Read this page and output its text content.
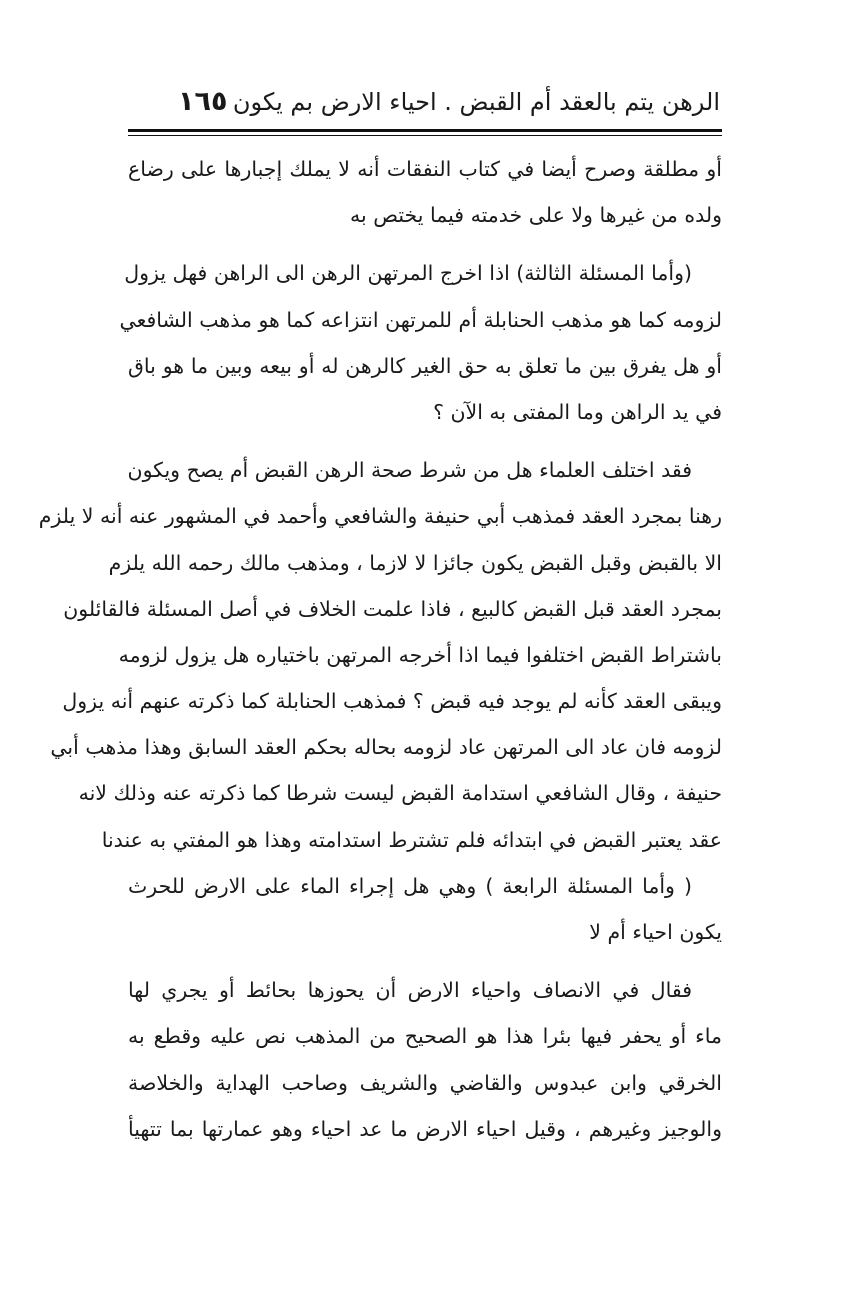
الرهن يتم بالعقد أم القبض . احياء الارض بم يكون
١٦٥
أو مطلقة وصرح أيضا في كتاب النفقات أنه لا يملك إجبارها على رضاع
ولده من غيرها ولا على خدمته فيما يختص به
(وأما المسئلة الثالثة) اذا اخرج المرتهن الرهن الى الراهن فهل يزول
لزومه كما هو مذهب الحنابلة أم للمرتهن انتزاعه كما هو مذهب الشافعي
أو هل يفرق بين ما تعلق به حق الغير كالرهن له أو بيعه وبين ما هو باق
في يد الراهن وما المفتى به الآن ؟
فقد اختلف العلماء هل من شرط صحة الرهن القبض أم يصح ويكون
رهنا بمجرد العقد فمذهب أبي حنيفة والشافعي وأحمد في المشهور عنه أنه لا يلزم
الا بالقبض وقبل القبض يكون جائزا لا لازما ، ومذهب مالك رحمه الله يلزم
بمجرد العقد قبل القبض كالبيع ، فاذا علمت الخلاف في أصل المسئلة فالقائلون
باشتراط القبض اختلفوا فيما اذا أخرجه المرتهن باختياره هل يزول لزومه
ويبقى العقد كأنه لم يوجد فيه قبض ؟ فمذهب الحنابلة كما ذكرته عنهم أنه يزول
لزومه فان عاد الى المرتهن عاد لزومه بحاله بحكم العقد السابق وهذا مذهب أبي
حنيفة ، وقال الشافعي استدامة القبض ليست شرطا كما ذكرته عنه وذلك لانه
عقد يعتبر القبض في ابتدائه فلم تشترط استدامته وهذا هو المفتي به عندنا
( وأما المسئلة الرابعة ) وهي هل إجراء الماء على الارض للحرث
يكون احياء أم لا
فقال في الانصاف واحياء الارض أن يحوزها بحائط أو يجري لها
ماء أو يحفر فيها بئرا هذا هو الصحيح من المذهب نص عليه وقطع به
الخرقي وابن عبدوس والقاضي والشريف وصاحب الهداية والخلاصة
والوجيز وغيرهم ، وقيل احياء الارض ما عد احياء وهو عمارتها بما تتهيأ
